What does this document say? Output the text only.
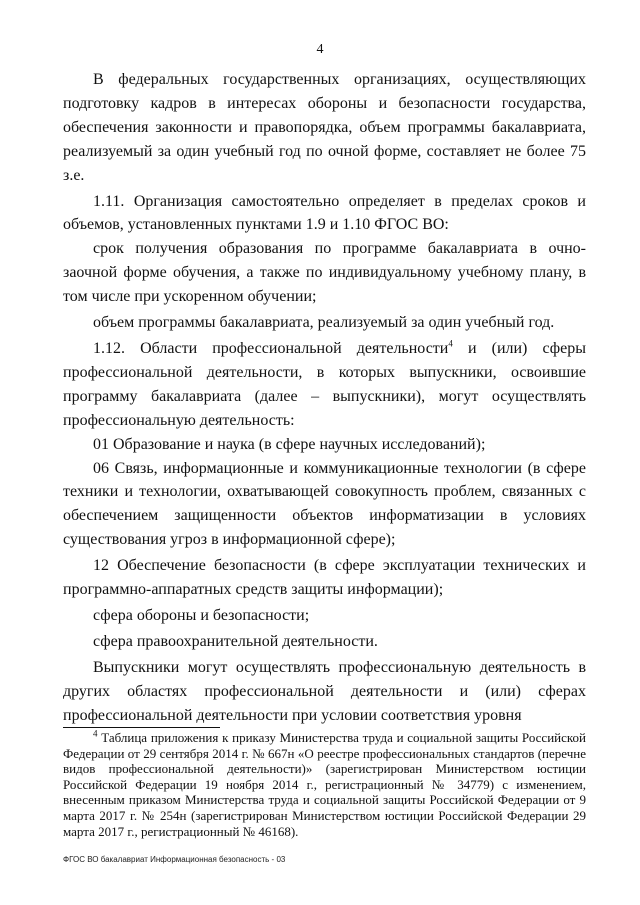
4

В федеральных государственных организациях, осуществляющих подготовку кадров в интересах обороны и безопасности государства, обеспечения законности и правопорядка, объем программы бакалавриата, реализуемый за один учебный год по очной форме, составляет не более 75 з.е.

1.11. Организация самостоятельно определяет в пределах сроков и объемов, установленных пунктами 1.9 и 1.10 ФГОС ВО:

срок получения образования по программе бакалавриата в очно-заочной форме обучения, а также по индивидуальному учебному плану, в том числе при ускоренном обучении;

объем программы бакалавриата, реализуемый за один учебный год.

1.12. Области профессиональной деятельности$^4$ и (или) сферы профессиональной деятельности, в которых выпускники, освоившие программу бакалавриата (далее – выпускники), могут осуществлять профессиональную деятельность:

01 Образование и наука (в сфере научных исследований);

06 Связь, информационные и коммуникационные технологии (в сфере техники и технологии, охватывающей совокупность проблем, связанных с обеспечением защищенности объектов информатизации в условиях существования угроз в информационной сфере);

12 Обеспечение безопасности (в сфере эксплуатации технических и программно-аппаратных средств защиты информации);

сфера обороны и безопасности;

сфера правоохранительной деятельности.

Выпускники могут осуществлять профессиональную деятельность в других областях профессиональной деятельности и (или) сферах профессиональной деятельности при условии соответствия уровня

$^4$ Таблица приложения к приказу Министерства труда и социальной защиты Российской Федерации от 29 сентября 2014 г. № 667н «О реестре профессиональных стандартов (перечне видов профессиональной деятельности)» (зарегистрирован Министерством юстиции Российской Федерации 19 ноября 2014 г., регистрационный № 34779) с изменением, внесенным приказом Министерства труда и социальной защиты Российской Федерации от 9 марта 2017 г. № 254н (зарегистрирован Министерством юстиции Российской Федерации 29 марта 2017 г., регистрационный № 46168).

ФГОС ВО бакалавриат Информационная безопасность - 03
